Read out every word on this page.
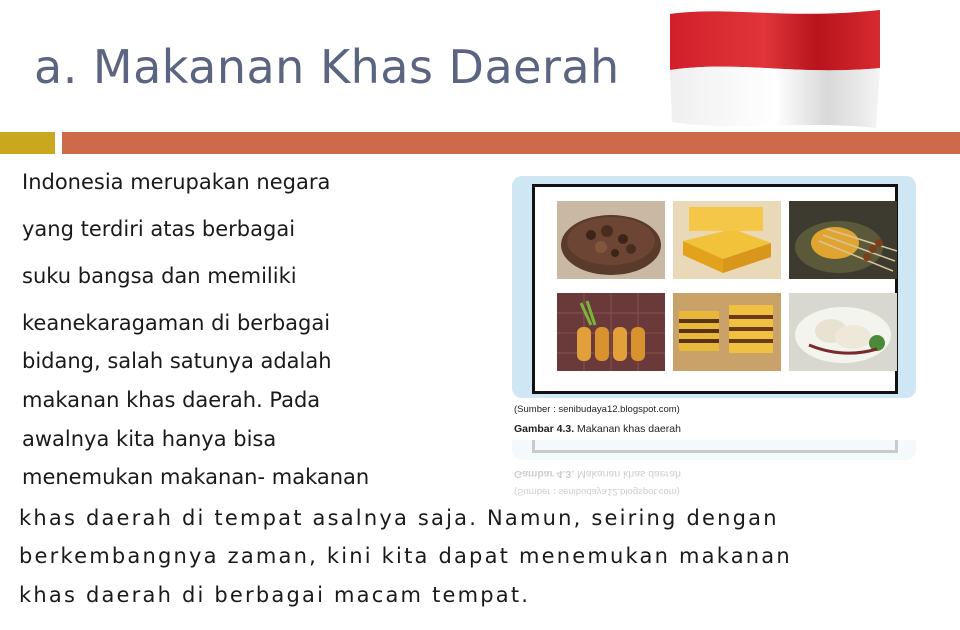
a. Makanan Khas Daerah
Indonesia merupakan negara
yang terdiri atas berbagai
suku bangsa dan memiliki
keanekaragaman di berbagai
bidang, salah satunya adalah
makanan khas daerah. Pada
awalnya kita hanya bisa
menemukan makanan- makanan
khas daerah di tempat asalnya saja. Namun, seiring dengan
berkembangnya zaman, kini kita dapat menemukan makanan
khas daerah di berbagai macam tempat.
(Sumber : senibudaya12.blogspot.com)
Gambar 4.3. Makanan khas daerah
Gambar 4.3. Makanan khas daerah
(Sumber : senibudaya12.blogspot.com)
